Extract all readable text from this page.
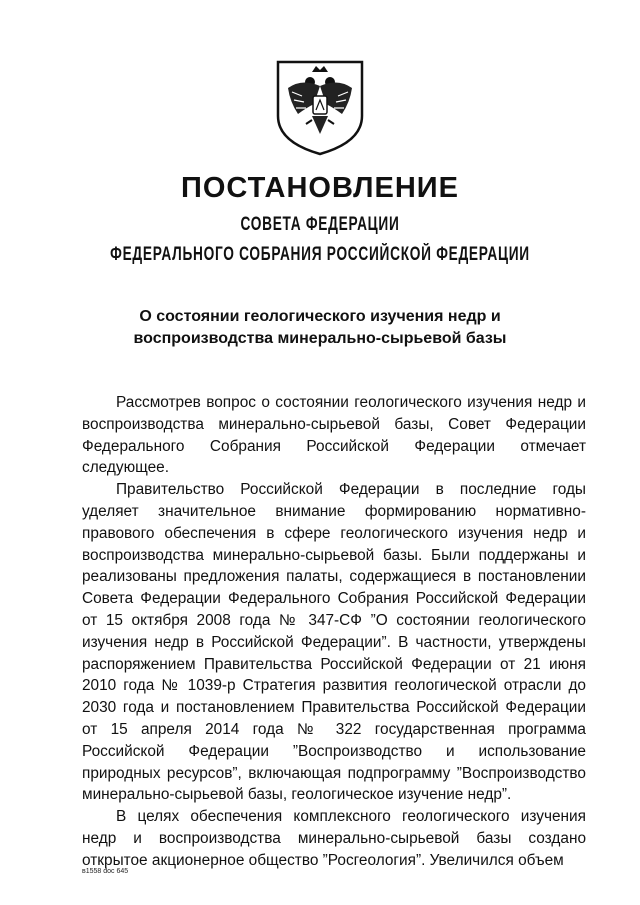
ПОСТАНОВЛЕНИЕ
СОВЕТА ФЕДЕРАЦИИ
ФЕДЕРАЛЬНОГО СОБРАНИЯ РОССИЙСКОЙ ФЕДЕРАЦИИ
О состоянии геологического изучения недр и
воспроизводства минерально-сырьевой базы

Рассмотрев вопрос о состоянии геологического изучения недр и воспроизводства минерально-сырьевой базы, Совет Федерации Федерального Собрания Российской Федерации отмечает следующее.

Правительство Российской Федерации в последние годы уделяет значительное внимание формированию нормативно-правового обеспечения в сфере геологического изучения недр и воспроизводства минерально-сырьевой базы. Были поддержаны и реализованы предложения палаты, содержащиеся в постановлении Совета Федерации Федерального Собрания Российской Федерации от 15 октября 2008 года № 347-СФ ”О состоянии геологического изучения недр в Российской Федерации”. В частности, утверждены распоряжением Правительства Российской Федерации от 21 июня 2010 года № 1039-р Стратегия развития геологической отрасли до 2030 года и постановлением Правительства Российской Федерации от 15 апреля 2014 года № 322 государственная программа Российской Федерации ”Воспроизводство и использование природных ресурсов”, включающая подпрограмму ”Воспроизводство минерально-сырьевой базы, геологическое изучение недр”.

В целях обеспечения комплексного геологического изучения недр и воспроизводства минерально-сырьевой базы создано открытое акционерное общество ”Росгеология”. Увеличился объем

в1558 doc 645
